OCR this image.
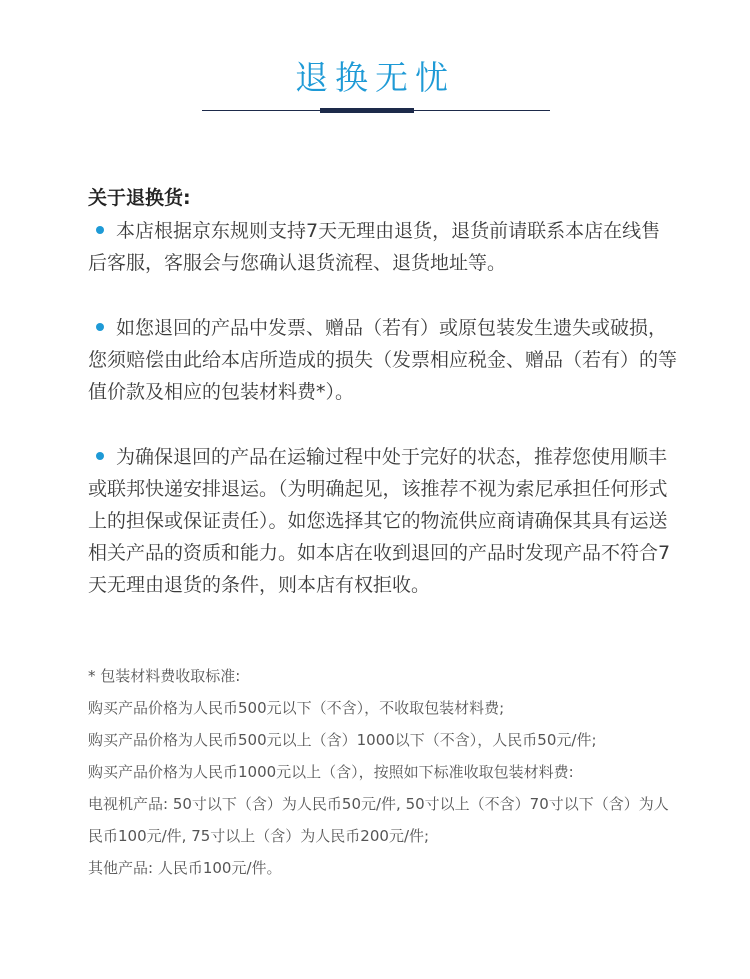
退换无忧
关于退换货:

本店根据京东规则支持7天无理由退货，退货前请联系本店在线售后客服，客服会与您确认退货流程、退货地址等。

如您退回的产品中发票、赠品（若有）或原包装发生遗失或破损，您须赔偿由此给本店所造成的损失（发票相应税金、赠品（若有）的等值价款及相应的包装材料费*）。

为确保退回的产品在运输过程中处于完好的状态，推荐您使用顺丰或联邦快递安排退运。（为明确起见，该推荐不视为索尼承担任何形式上的担保或保证责任）。如您选择其它的物流供应商请确保其具有运送相关产品的资质和能力。如本店在收到退回的产品时发现产品不符合7天无理由退货的条件，则本店有权拒收。

* 包装材料费收取标准:

购买产品价格为人民币500元以下（不含），不收取包装材料费;

购买产品价格为人民币500元以上（含）1000以下（不含），人民币50元/件;

购买产品价格为人民币1000元以上（含），按照如下标准收取包装材料费:

电视机产品: 50寸以下（含）为人民币50元/件, 50寸以上（不含）70寸以下（含）为人

民币100元/件, 75寸以上（含）为人民币200元/件;

其他产品: 人民币100元/件。
